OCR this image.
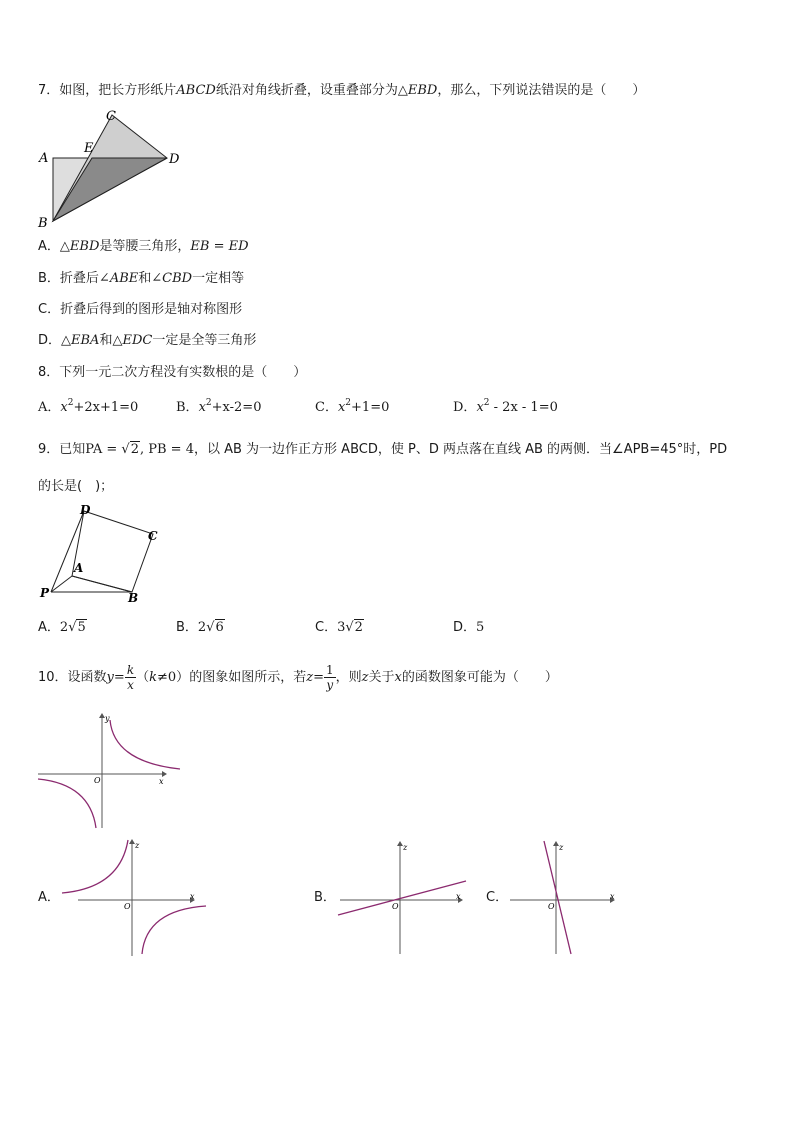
7．如图，把长方形纸片ABCD纸沿对角线折叠，设重叠部分为△EBD，那么，下列说法错误的是（　　）
A
B
C
D
E
A．△EBD是等腰三角形，EB = ED
B．折叠后∠ABE和∠CBD一定相等
C．折叠后得到的图形是轴对称图形
D．△EBA和△EDC一定是全等三角形
8．下列一元二次方程没有实数根的是（　　）
A．$x^2+2x+1=0$	B．$x^2+x-2=0$	C．$x^2+1=0$	D．$x^2 - 2x - 1=0$
9．已知PA = √2, PB = 4，以 AB 为一边作正方形 ABCD，使 P、D 两点落在直线 AB 的两侧．当∠APB=45°时，PD
的长是(　)；
D
C
A
P	B
A．2√5	B．2√6	C．3√2	D．5
10．设函数$y= \frac{k}{x} (k\ne 0)$的图象如图所示，若$z= \frac{1}{y}$ ，则z关于x的函数图象可能为（　　）
x
y
O
A．	x
z
O
B．	x
z
O
C．	x
z
O
